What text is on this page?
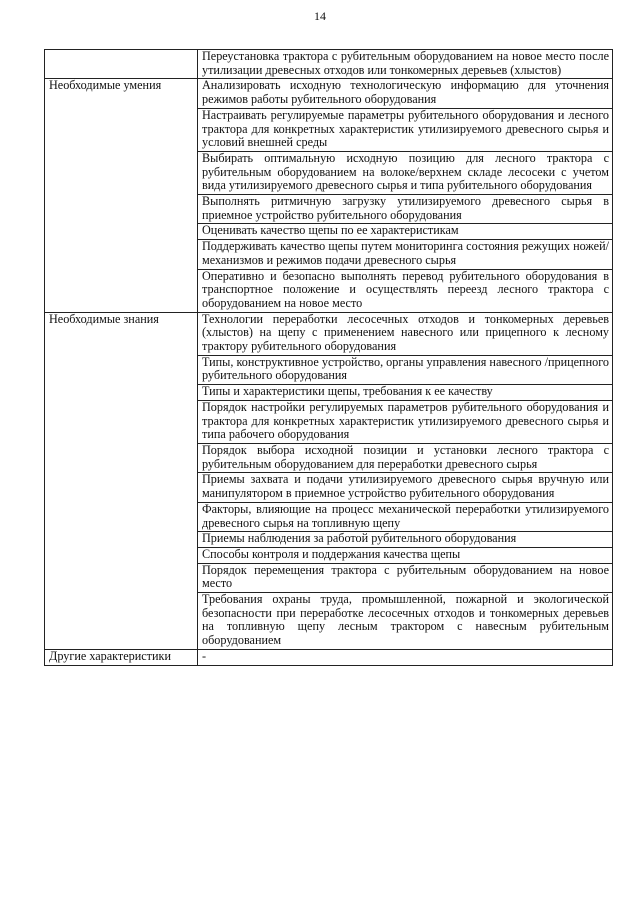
14
	Переустановка трактора с рубительным оборудованием на новое место после утилизации древесных отходов или тонкомерных деревьев (хлыстов)
Необходимые умения	Анализировать исходную технологическую информацию для уточнения режимов работы рубительного оборудования
	Настраивать регулируемые параметры рубительного оборудования и лесного трактора для конкретных характеристик утилизируемого древесного сырья и условий внешней среды
	Выбирать оптимальную исходную позицию для лесного трактора с рубительным оборудованием на волоке/верхнем складе лесосеки с учетом вида утилизируемого древесного сырья и типа рубительного оборудования
	Выполнять ритмичную загрузку утилизируемого древесного сырья в приемное устройство рубительного оборудования
	Оценивать качество щепы по ее характеристикам
	Поддерживать качество щепы путем мониторинга состояния режущих ножей/механизмов и режимов подачи древесного сырья
	Оперативно и безопасно выполнять перевод рубительного оборудования в транспортное положение и осуществлять переезд лесного трактора с оборудованием на новое место
Необходимые знания	Технологии переработки лесосечных отходов и тонкомерных деревьев (хлыстов) на щепу с применением навесного или прицепного к лесному трактору рубительного оборудования
	Типы, конструктивное устройство, органы управления навесного /прицепного рубительного оборудования
	Типы и характеристики щепы, требования к ее качеству
	Порядок настройки регулируемых параметров рубительного оборудования и трактора для конкретных характеристик утилизируемого древесного сырья и типа рабочего оборудования
	Порядок выбора исходной позиции и установки лесного трактора с рубительным оборудованием для переработки древесного сырья
	Приемы захвата и подачи утилизируемого древесного сырья вручную или манипулятором в приемное устройство рубительного оборудования
	Факторы, влияющие на процесс механической переработки утилизируемого древесного сырья на топливную щепу
	Приемы наблюдения за работой рубительного оборудования
	Способы контроля и поддержания качества щепы
	Порядок перемещения трактора с рубительным оборудованием на новое место
	Требования охраны труда, промышленной, пожарной и экологической безопасности при переработке лесосечных отходов и тонкомерных деревьев на топливную щепу лесным трактором с навесным рубительным оборудованием
Другие характеристики	-
